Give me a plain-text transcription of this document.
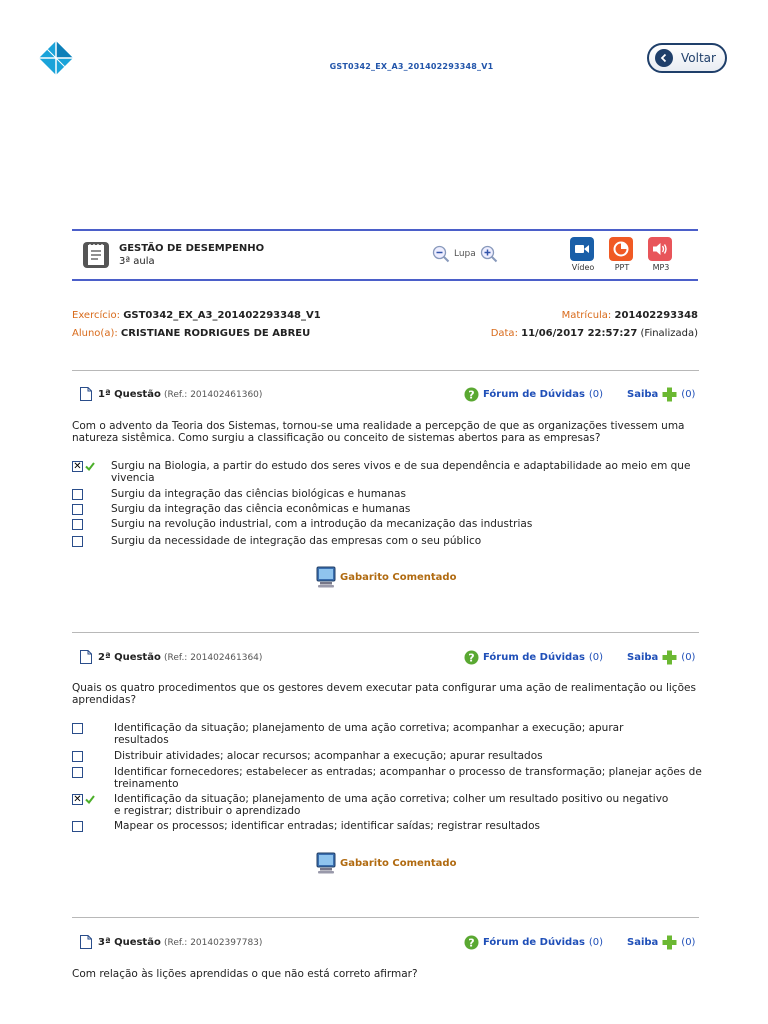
GST0342_EX_A3_201402293348_V1
Voltar
GESTÃO DE DESEMPENHO
3ª aula
Lupa
Vídeo	PPT	MP3
Exercício: GST0342_EX_A3_201402293348_V1	Matrícula: 201402293348
Aluno(a): CRISTIANE RODRIGUES DE ABREU	Data: 11/06/2017 22:57:27 (Finalizada)
1ª Questão (Ref.: 201402461360)	? Fórum de Dúvidas (0) Saiba (0)
Com o advento da Teoria dos Sistemas, tornou-se uma realidade a percepção de que as organizações tivessem uma natureza sistêmica. Como surgiu a classificação ou conceito de sistemas abertos para as empresas?
✕	Surgiu na Biologia, a partir do estudo dos seres vivos e de sua dependência e adaptabilidade ao meio em que vivencia
Surgiu da integração das ciências biológicas e humanas
Surgiu da integração das ciência econômicas e humanas
Surgiu na revolução industrial, com a introdução da mecanização das industrias
Surgiu da necessidade de integração das empresas com o seu público
Gabarito Comentado
2ª Questão (Ref.: 201402461364)	? Fórum de Dúvidas (0) Saiba (0)
Quais os quatro procedimentos que os gestores devem executar pata configurar uma ação de realimentação ou lições aprendidas?
Identificação da situação; planejamento de uma ação corretiva; acompanhar a execução; apurar resultados
Distribuir atividades; alocar recursos; acompanhar a execução; apurar resultados
Identificar fornecedores; estabelecer as entradas; acompanhar o processo de transformação; planejar ações de treinamento
✕	Identificação da situação; planejamento de uma ação corretiva; colher um resultado positivo ou negativo e registrar; distribuir o aprendizado
Mapear os processos; identificar entradas; identificar saídas; registrar resultados
Gabarito Comentado
3ª Questão (Ref.: 201402397783)	? Fórum de Dúvidas (0) Saiba (0)
Com relação às lições aprendidas o que não está correto afirmar?
